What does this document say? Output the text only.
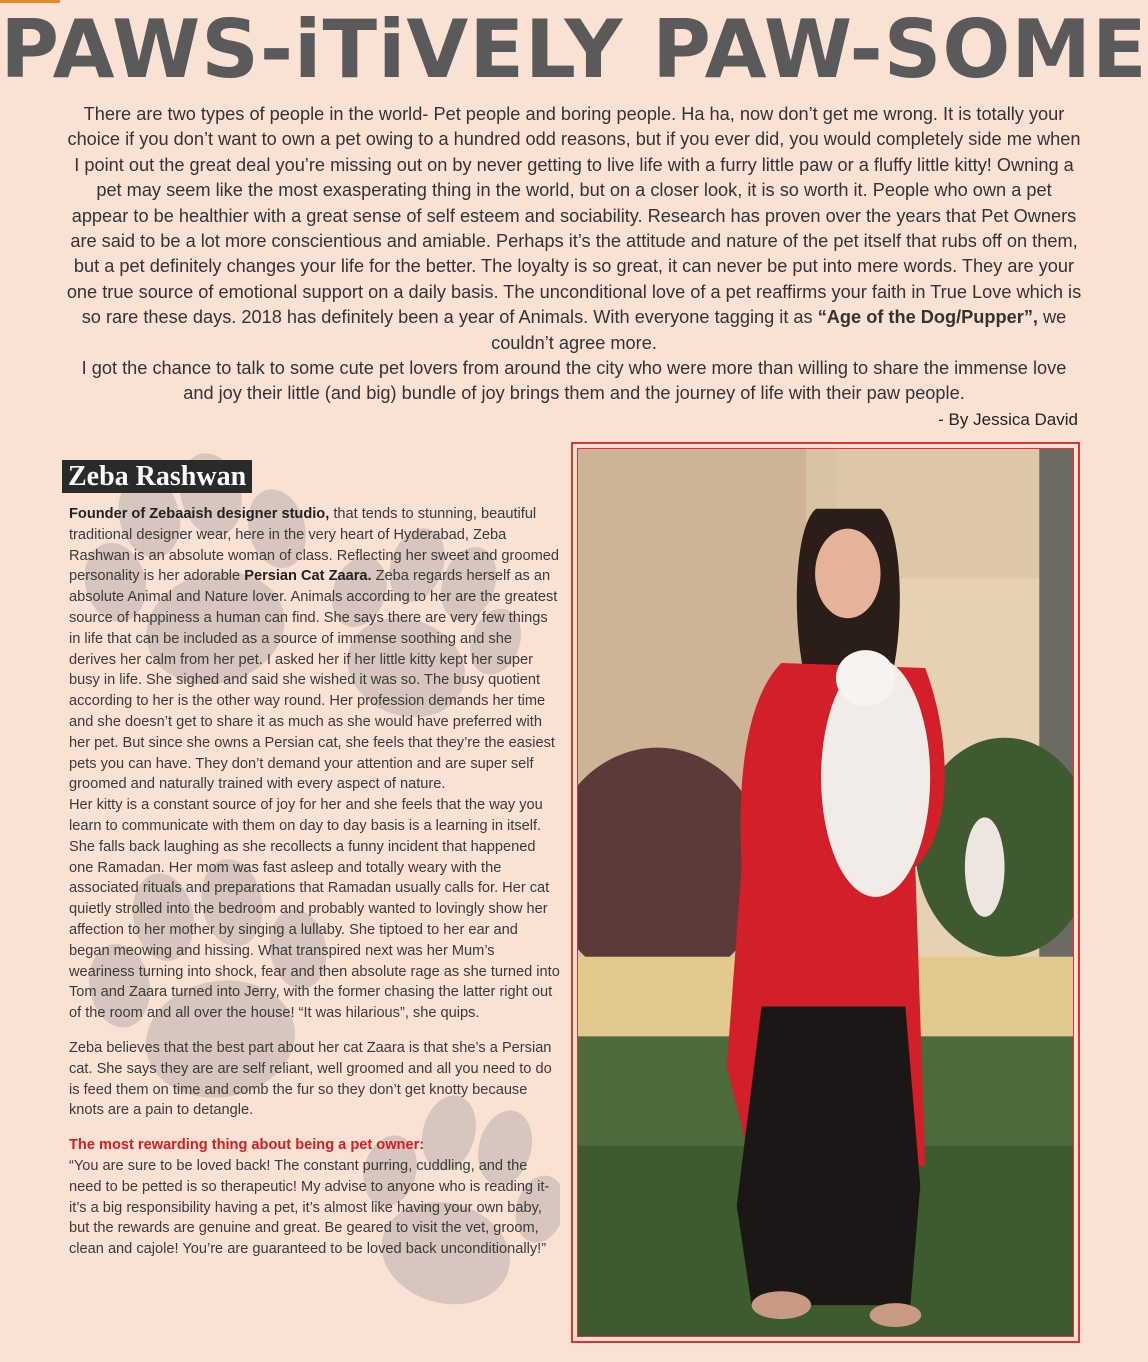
PAWS-iTiVELY PAW-SOME

There are two types of people in the world- Pet people and boring people. Ha ha, now don’t get me wrong. It is totally your choice if you don’t want to own a pet owing to a hundred odd reasons, but if you ever did, you would completely side me when I point out the great deal you’re missing out on by never getting to live life with a furry little paw or a fluffy little kitty! Owning a pet may seem like the most exasperating thing in the world, but on a closer look, it is so worth it. People who own a pet appear to be healthier with a great sense of self esteem and sociability. Research has proven over the years that Pet Owners are said to be a lot more conscientious and amiable. Perhaps it’s the attitude and nature of the pet itself that rubs off on them, but a pet definitely changes your life for the better. The loyalty is so great, it can never be put into mere words. They are your one true source of emotional support on a daily basis. The unconditional love of a pet reaffirms your faith in True Love which is so rare these days. 2018 has definitely been a year of Animals. With everyone tagging it as “Age of the Dog/Pupper”, we couldn’t agree more.

I got the chance to talk to some cute pet lovers from around the city who were more than willing to share the immense love and joy their little (and big) bundle of joy brings them and the journey of life with their paw people.

- By Jessica David
Zeba Rashwan

Founder of Zebaaish designer studio, that tends to stunning, beautiful traditional designer wear, here in the very heart of Hyderabad, Zeba Rashwan is an absolute woman of class. Reflecting her sweet and groomed personality is her adorable Persian Cat Zaara. Zeba regards herself as an absolute Animal and Nature lover. Animals according to her are the greatest source of happiness a human can find. She says there are very few things in life that can be included as a source of immense soothing and she derives her calm from her pet. I asked her if her little kitty kept her super busy in life. She sighed and said she wished it was so. The busy quotient according to her is the other way round. Her profession demands her time and she doesn’t get to share it as much as she would have preferred with her pet. But since she owns a Persian cat, she feels that they’re the easiest pets you can have. They don’t demand your attention and are super self groomed and naturally trained with every aspect of nature.

Her kitty is a constant source of joy for her and she feels that the way you learn to communicate with them on day to day basis is a learning in itself. She falls back laughing as she recollects a funny incident that happened one Ramadan. Her mom was fast asleep and totally weary with the associated rituals and preparations that Ramadan usually calls for. Her cat quietly strolled into the bedroom and probably wanted to lovingly show her affection to her mother by singing a lullaby. She tiptoed to her ear and began meowing and hissing. What transpired next was her Mum’s weariness turning into shock, fear and then absolute rage as she turned into Tom and Zaara turned into Jerry, with the former chasing the latter right out of the room and all over the house! “It was hilarious”, she quips.

Zeba believes that the best part about her cat Zaara is that she’s a Persian cat. She says they are are self reliant, well groomed and all you need to do is feed them on time and comb the fur so they don’t get knotty because knots are a pain to detangle.

The most rewarding thing about being a pet owner:

“You are sure to be loved back! The constant purring, cuddling, and the need to be petted is so therapeutic! My advise to anyone who is reading it- it’s a big responsibility having a pet, it’s almost like having your own baby, but the rewards are genuine and great. Be geared to visit the vet, groom, clean and cajole! You’re are guaranteed to be loved back unconditionally!”
